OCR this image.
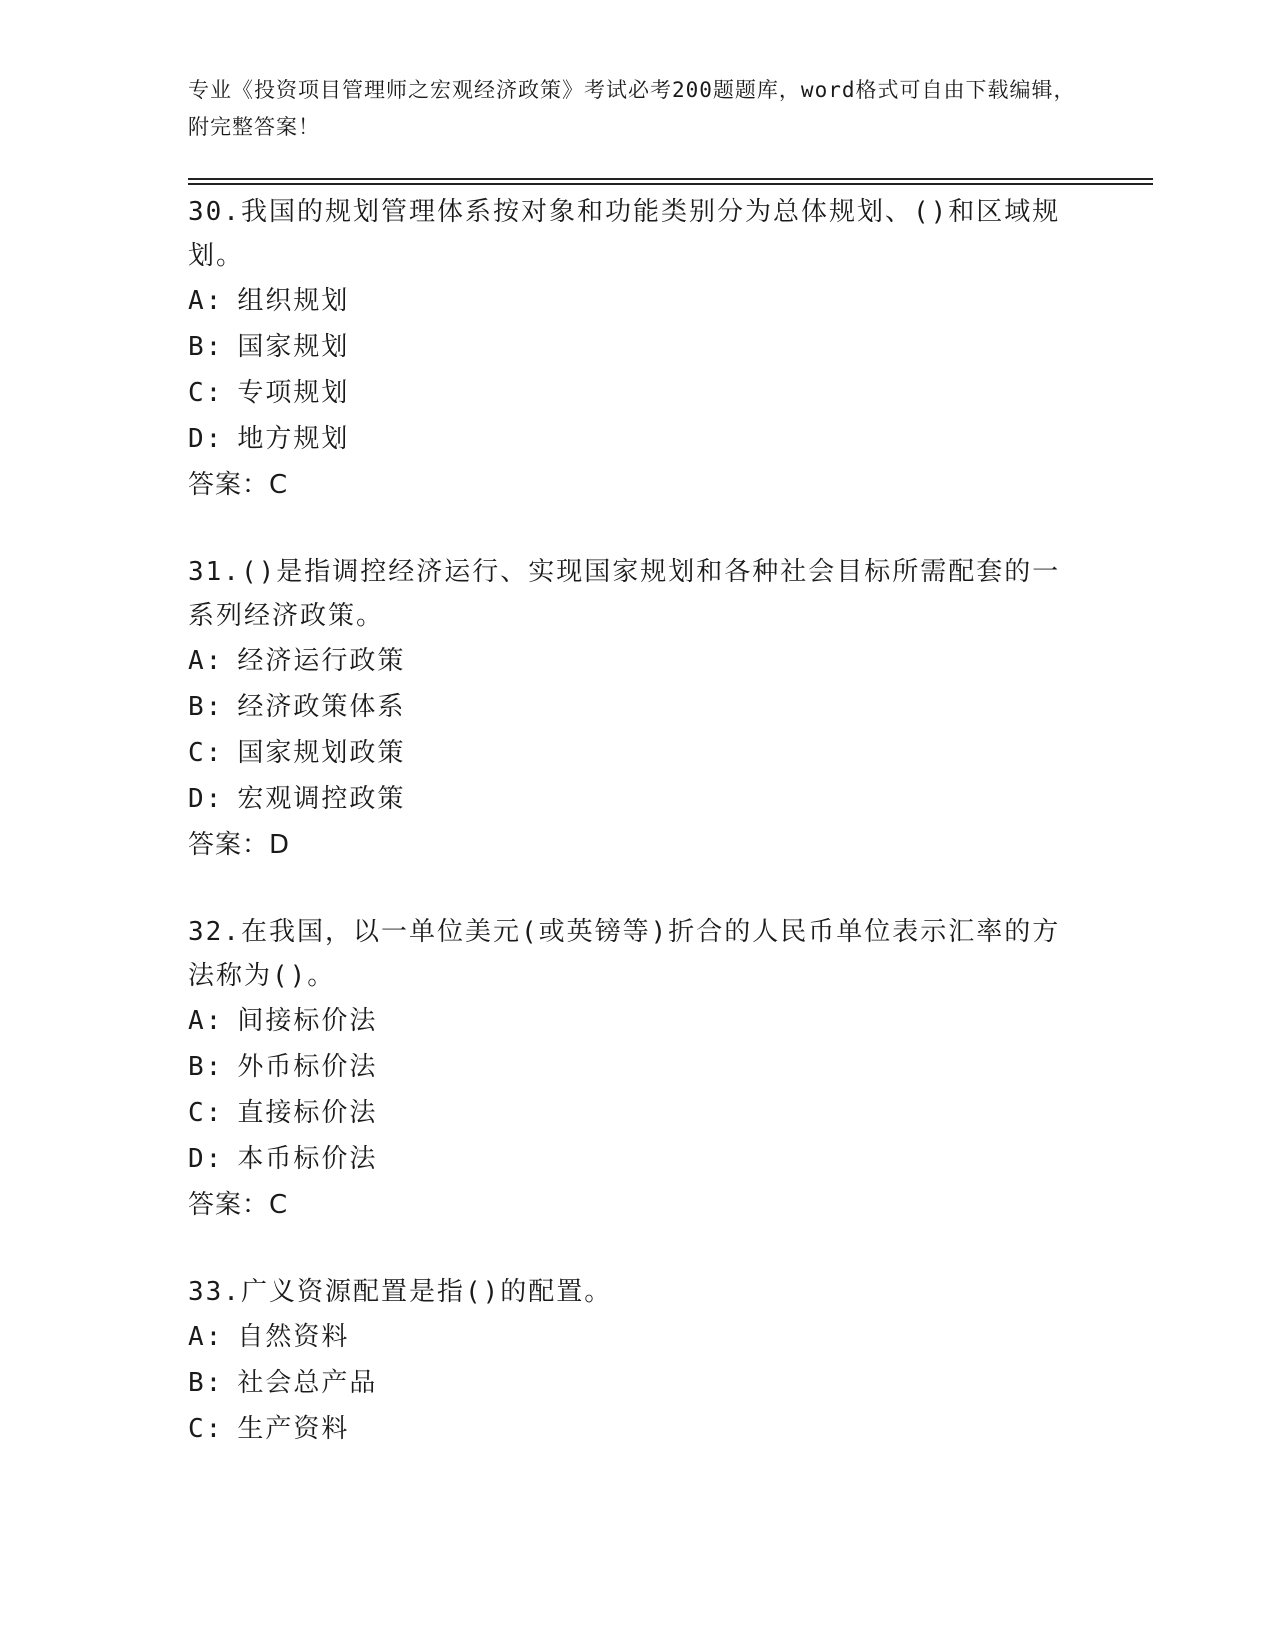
专业《投资项目管理师之宏观经济政策》考试必考200题题库，word格式可自由下载编辑，附完整答案！
30.我国的规划管理体系按对象和功能类别分为总体规划、()和区域规划。
A: 组织规划
B: 国家规划
C: 专项规划
D: 地方规划
答案：C
31.()是指调控经济运行、实现国家规划和各种社会目标所需配套的一系列经济政策。
A: 经济运行政策
B: 经济政策体系
C: 国家规划政策
D: 宏观调控政策
答案：D
32.在我国，以一单位美元(或英镑等)折合的人民币单位表示汇率的方法称为()。
A: 间接标价法
B: 外币标价法
C: 直接标价法
D: 本币标价法
答案：C
33.广义资源配置是指()的配置。
A: 自然资料
B: 社会总产品
C: 生产资料
